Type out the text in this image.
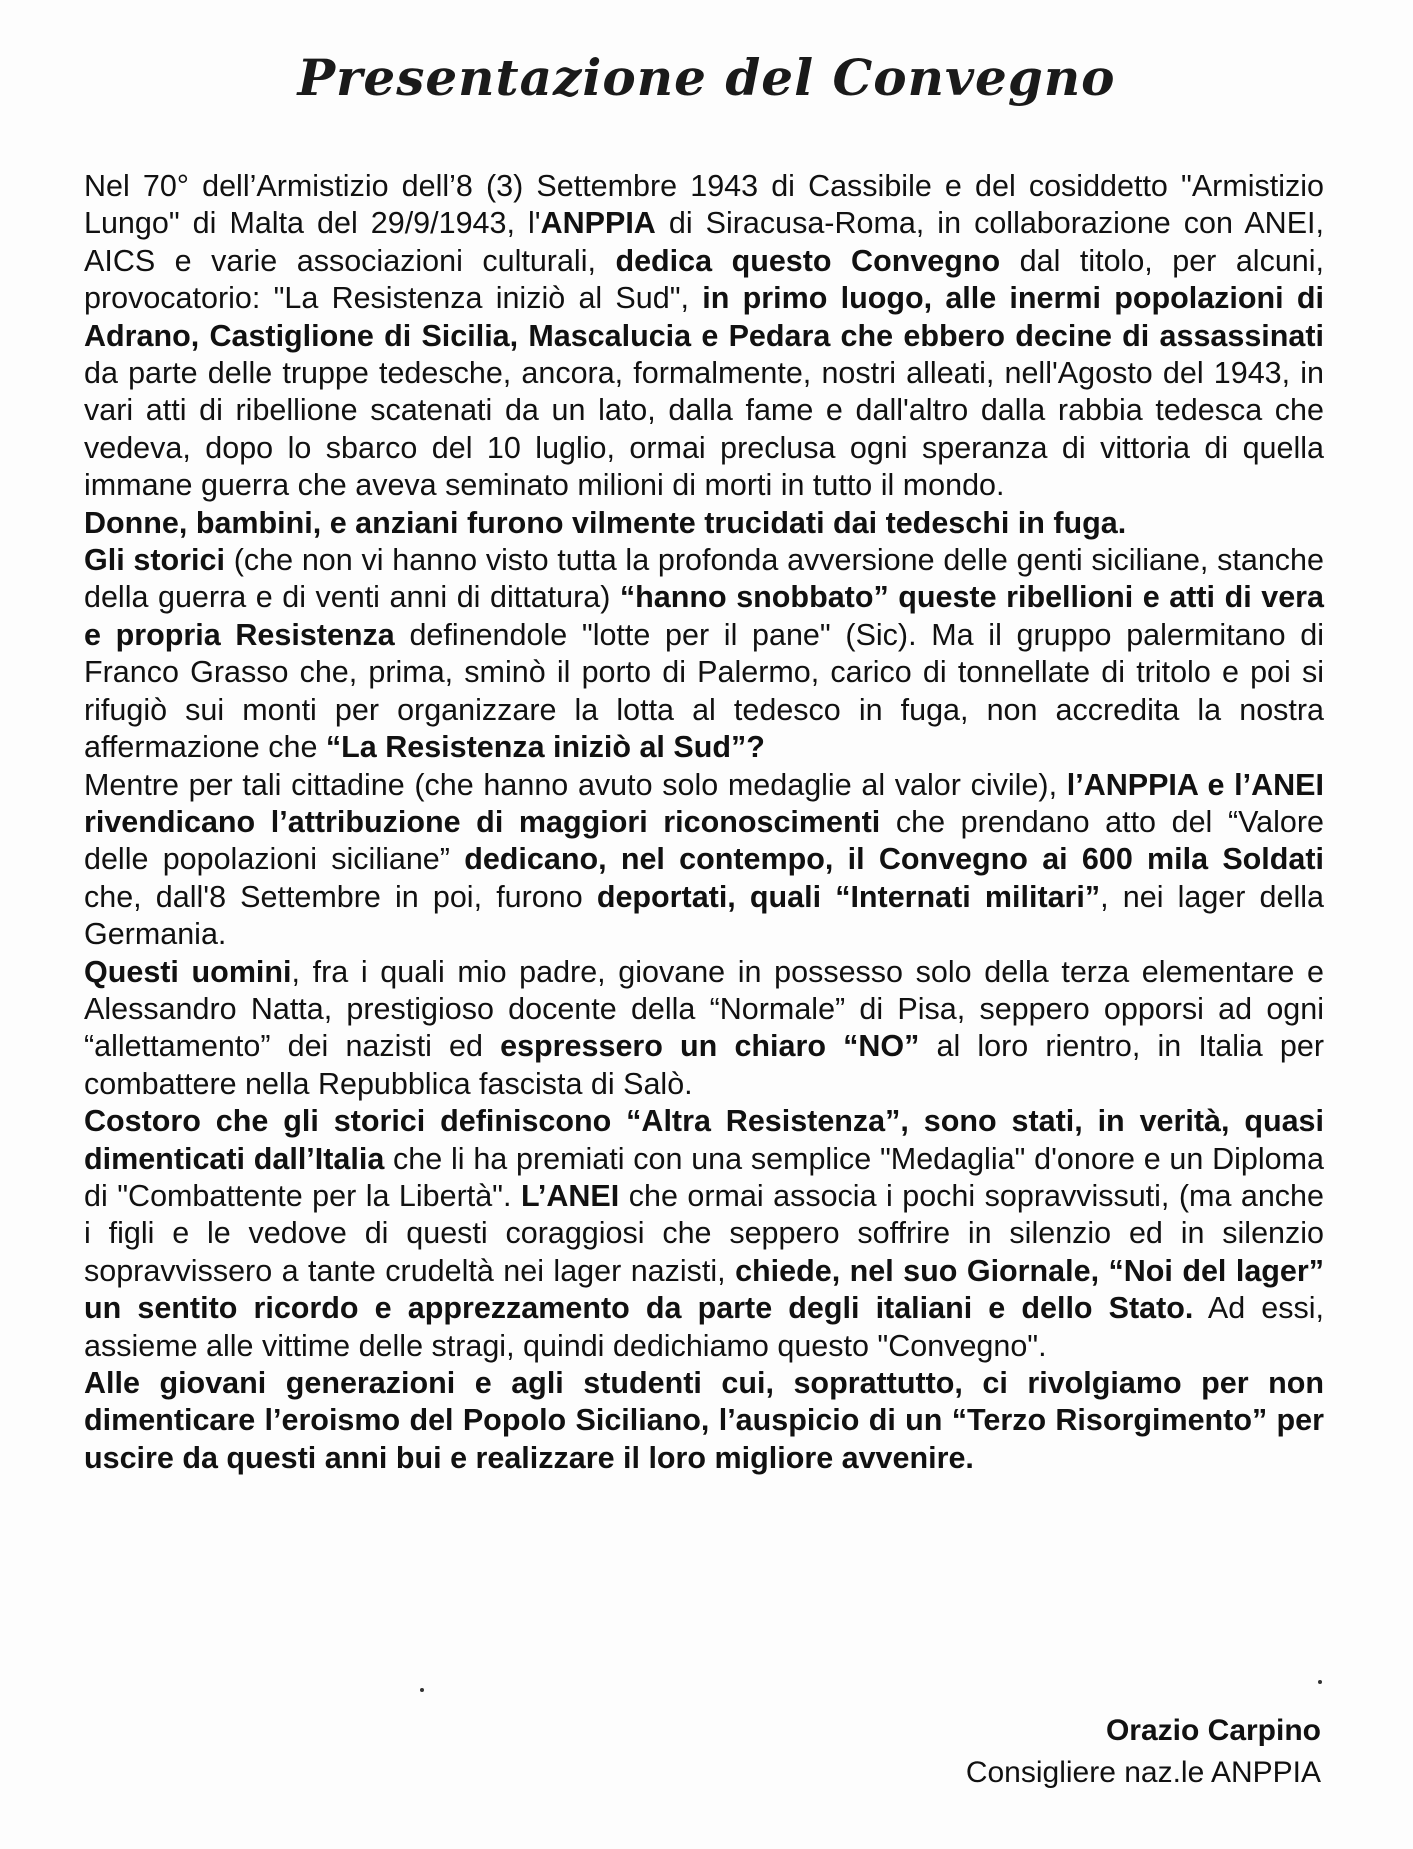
Presentazione del Convegno

Nel 70° dell’Armistizio dell’8 (3) Settembre 1943 di Cassibile e del cosiddetto "Armistizio Lungo" di Malta del 29/9/1943, l'ANPPIA di Siracusa-Roma, in collaborazione con ANEI, AICS e varie associazioni culturali, dedica questo Convegno dal titolo, per alcuni, provocatorio: "La Resistenza iniziò al Sud", in primo luogo, alle inermi popolazioni di Adrano, Castiglione di Sicilia, Mascalucia e Pedara che ebbero decine di assassinati da parte delle truppe tedesche, ancora, formalmente, nostri alleati, nell'Agosto del 1943, in vari atti di ribellione scatenati da un lato, dalla fame e dall'altro dalla rabbia tedesca che vedeva, dopo lo sbarco del 10 luglio, ormai preclusa ogni speranza di vittoria di quella immane guerra che aveva seminato milioni di morti in tutto il mondo.

Donne, bambini, e anziani furono vilmente trucidati dai tedeschi in fuga.

Gli storici (che non vi hanno visto tutta la profonda avversione delle genti siciliane, stanche della guerra e di venti anni di dittatura) “hanno snobbato” queste ribellioni e atti di vera e propria Resistenza definendole "lotte per il pane" (Sic). Ma il gruppo palermitano di Franco Grasso che, prima, sminò il porto di Palermo, carico di tonnellate di tritolo e poi si rifugiò sui monti per organizzare la lotta al tedesco in fuga, non accredita la nostra affermazione che “La Resistenza iniziò al Sud”?

Mentre per tali cittadine (che hanno avuto solo medaglie al valor civile), l’ANPPIA e l’ANEI rivendicano l’attribuzione di maggiori riconoscimenti che prendano atto del “Valore delle popolazioni siciliane” dedicano, nel contempo, il Convegno ai 600 mila Soldati che, dall'8 Settembre in poi, furono deportati, quali “Internati militari”, nei lager della Germania.

Questi uomini, fra i quali mio padre, giovane in possesso solo della terza elementare e Alessandro Natta, prestigioso docente della “Normale” di Pisa, seppero opporsi ad ogni “allettamento” dei nazisti ed espressero un chiaro “NO” al loro rientro, in Italia per combattere nella Repubblica fascista di Salò.

Costoro che gli storici definiscono “Altra Resistenza”, sono stati, in verità, quasi dimenticati dall’Italia che li ha premiati con una semplice "Medaglia" d'onore e un Diploma di "Combattente per la Libertà". L’ANEI che ormai associa i pochi sopravvissuti, (ma anche i figli e le vedove di questi coraggiosi che seppero soffrire in silenzio ed in silenzio sopravvissero a tante crudeltà nei lager nazisti, chiede, nel suo Giornale, “Noi del lager” un sentito ricordo e apprezzamento da parte degli italiani e dello Stato. Ad essi, assieme alle vittime delle stragi, quindi dedichiamo questo "Convegno".

Alle giovani generazioni e agli studenti cui, soprattutto, ci rivolgiamo per non dimenticare l’eroismo del Popolo Siciliano, l’auspicio di un “Terzo Risorgimento” per uscire da questi anni bui e realizzare il loro migliore avvenire.

Orazio Carpino
Consigliere naz.le ANPPIA
